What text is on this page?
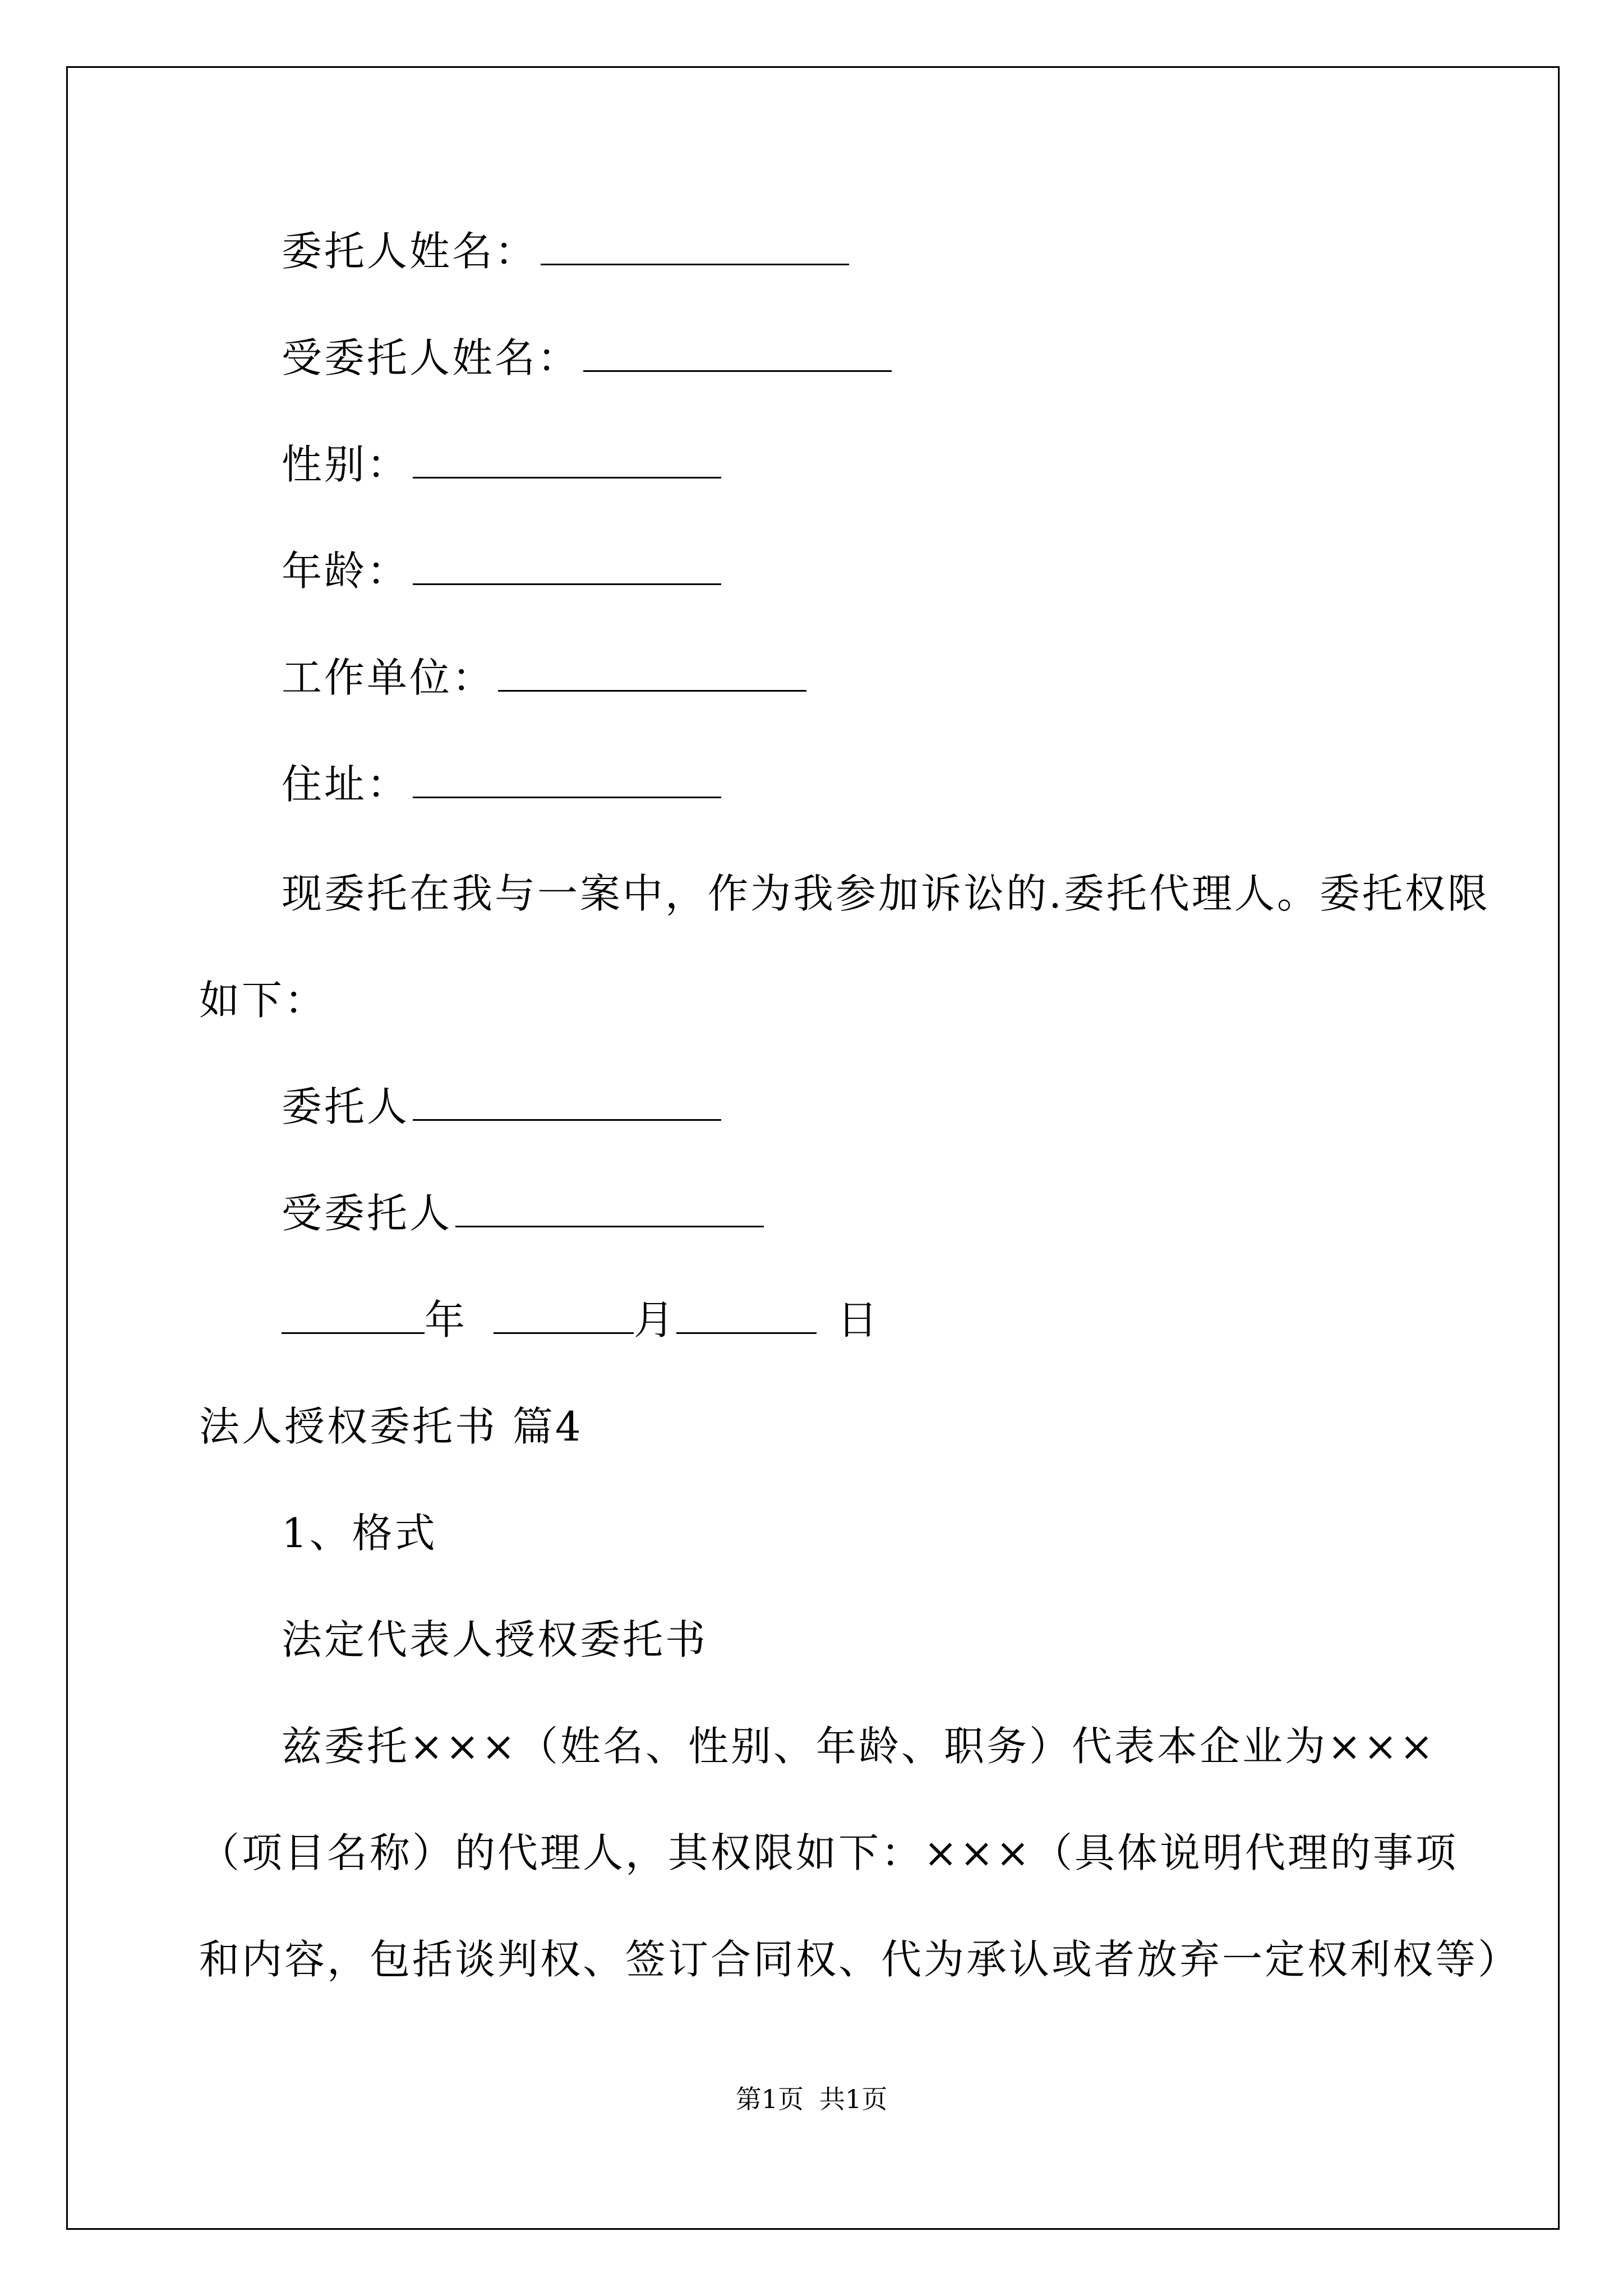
委托人姓名：
受委托人姓名：
性别：
年龄：
工作单位：
住址：
现委托在我与一案中，作为我参加诉讼的.委托代理人。委托权限
如下：
委托人
受委托人
年	月	日
法人授权委托书 篇4
1、格式
法定代表人授权委托书
兹委托×××（姓名、性别、年龄、职务）代表本企业为×××
（项目名称）的代理人，其权限如下：×××（具体说明代理的事项
和内容，包括谈判权、签订合同权、代为承认或者放弃一定权利权等）
第1页 共1页
